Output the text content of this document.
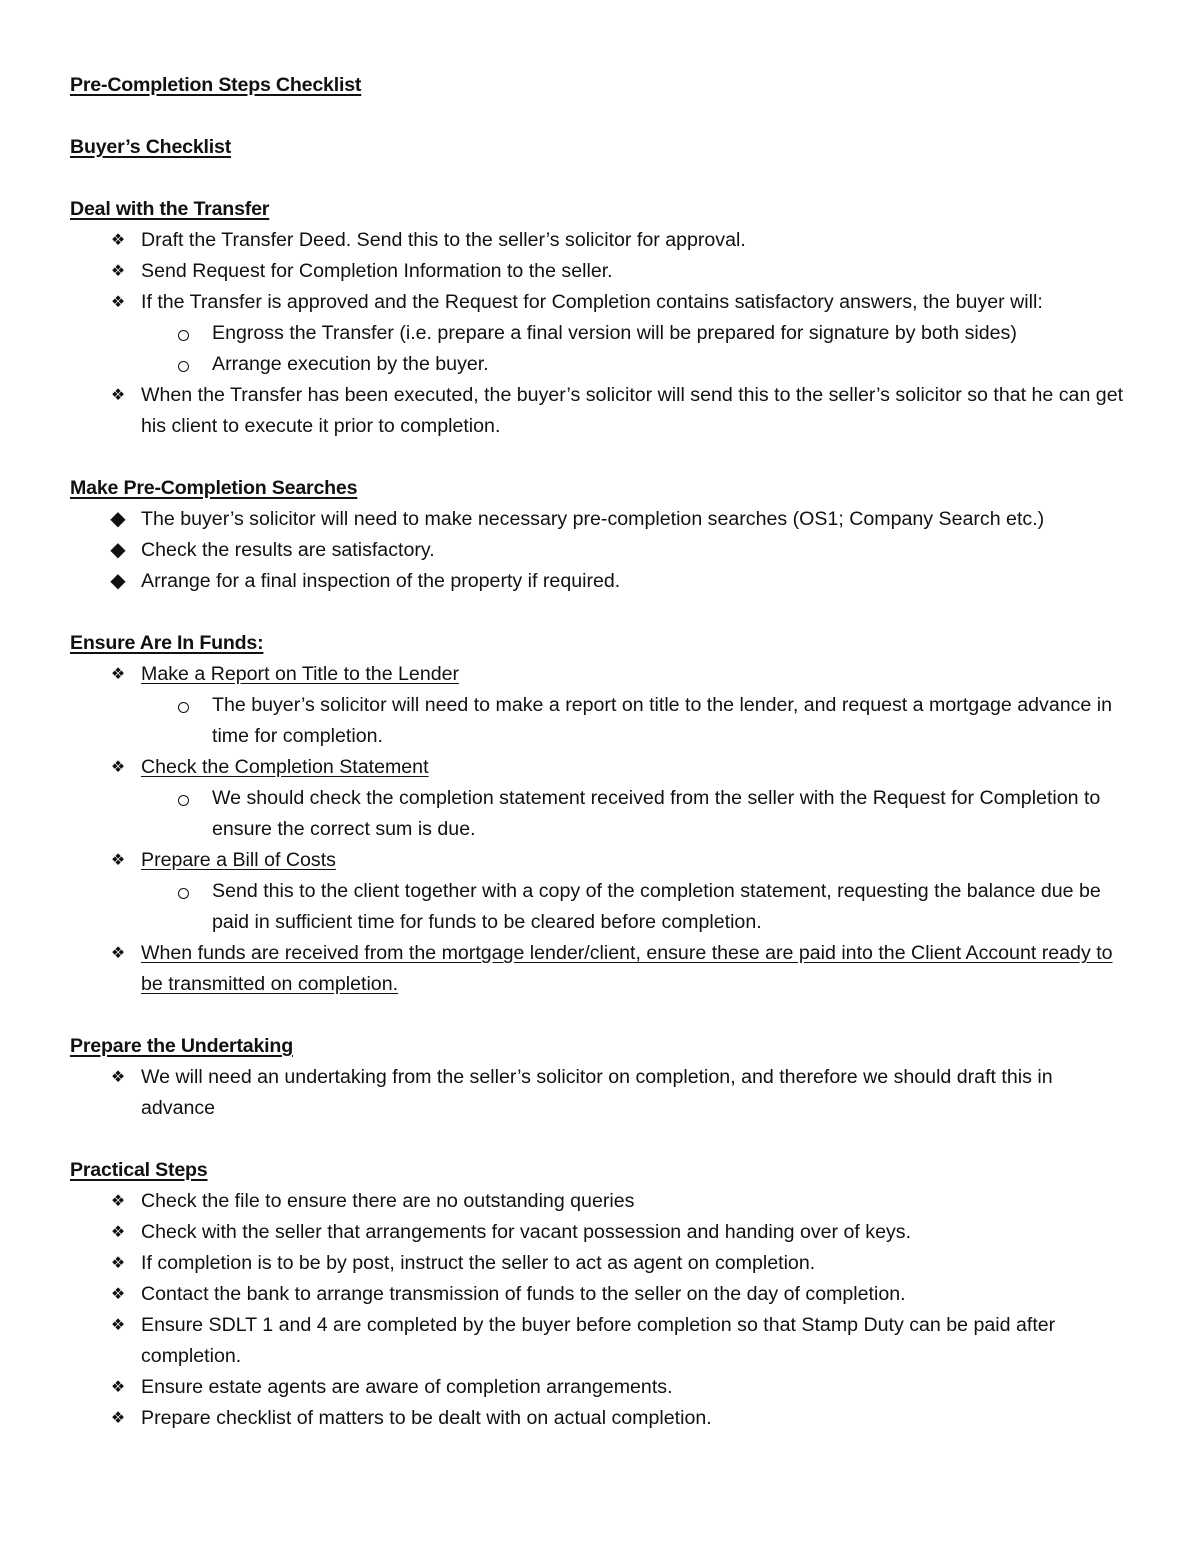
Pre-Completion Steps Checklist
Buyer’s Checklist
Deal with the Transfer
❖ Draft the Transfer Deed. Send this to the seller’s solicitor for approval.
❖ Send Request for Completion Information to the seller.
❖ If the Transfer is approved and the Request for Completion contains satisfactory answers, the buyer will:
Engross the Transfer (i.e. prepare a final version will be prepared for signature by both sides)
Arrange execution by the buyer.
❖ When the Transfer has been executed, the buyer’s solicitor will send this to the seller’s solicitor so that he can get his client to execute it prior to completion.
Make Pre-Completion Searches
◆ The buyer’s solicitor will need to make necessary pre-completion searches (OS1; Company Search etc.)
◆ Check the results are satisfactory.
◆ Arrange for a final inspection of the property if required.
Ensure Are In Funds:
❖ Make a Report on Title to the Lender
The buyer’s solicitor will need to make a report on title to the lender, and request a mortgage advance in time for completion.
❖ Check the Completion Statement
We should check the completion statement received from the seller with the Request for Completion to ensure the correct sum is due.
❖ Prepare a Bill of Costs
Send this to the client together with a copy of the completion statement, requesting the balance due be paid in sufficient time for funds to be cleared before completion.
❖ When funds are received from the mortgage lender/client, ensure these are paid into the Client Account ready to be transmitted on completion.
Prepare the Undertaking
❖ We will need an undertaking from the seller’s solicitor on completion, and therefore we should draft this in advance
Practical Steps
❖ Check the file to ensure there are no outstanding queries
❖ Check with the seller that arrangements for vacant possession and handing over of keys.
❖ If completion is to be by post, instruct the seller to act as agent on completion.
❖ Contact the bank to arrange transmission of funds to the seller on the day of completion.
❖ Ensure SDLT 1 and 4 are completed by the buyer before completion so that Stamp Duty can be paid after completion.
❖ Ensure estate agents are aware of completion arrangements.
❖ Prepare checklist of matters to be dealt with on actual completion.
